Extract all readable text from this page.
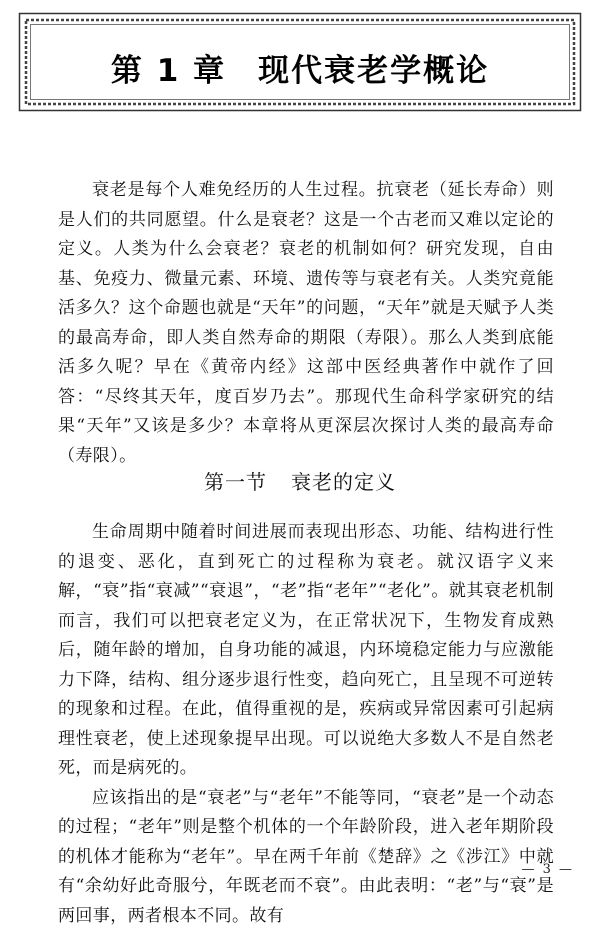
第 1 章 现代衰老学概论

衰老是每个人难免经历的人生过程。抗衰老（延长寿命）则是人们的共同愿望。什么是衰老？这是一个古老而又难以定论的定义。人类为什么会衰老？衰老的机制如何？研究发现，自由基、免疫力、微量元素、环境、遗传等与衰老有关。人类究竟能活多久？这个命题也就是“天年”的问题，“天年”就是天赋予人类的最高寿命，即人类自然寿命的期限（寿限）。那么人类到底能活多久呢？早在《黄帝内经》这部中医经典著作中就作了回答：“尽终其天年，度百岁乃去”。那现代生命科学家研究的结果“天年”又该是多少？本章将从更深层次探讨人类的最高寿命（寿限）。

第一节 衰老的定义

生命周期中随着时间进展而表现出形态、功能、结构进行性的退变、恶化，直到死亡的过程称为衰老。就汉语字义来解，“衰”指“衰减”“衰退”，“老”指“老年”“老化”。就其衰老机制而言，我们可以把衰老定义为，在正常状况下，生物发育成熟后，随年龄的增加，自身功能的减退，内环境稳定能力与应激能力下降，结构、组分逐步退行性变，趋向死亡，且呈现不可逆转的现象和过程。在此，值得重视的是，疾病或异常因素可引起病理性衰老，使上述现象提早出现。可以说绝大多数人不是自然老死，而是病死的。

应该指出的是“衰老”与“老年”不能等同，“衰老”是一个动态的过程；“老年”则是整个机体的一个年龄阶段，进入老年期阶段的机体才能称为“老年”。早在两千年前《楚辞》之《涉江》中就有“余幼好此奇服兮，年既老而不衰”。由此表明：“老”与“衰”是两回事，两者根本不同。故有

— 3 —
